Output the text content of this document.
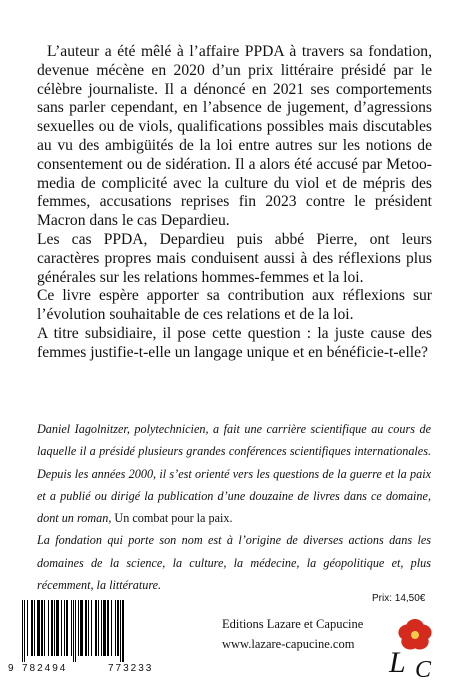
L’auteur a été mêlé à l’affaire PPDA à travers sa fondation, devenue mécène en 2020 d’un prix littéraire présidé par le célèbre journaliste. Il a dénoncé en 2021 ses comportements sans parler cependant, en l’absence de jugement, d’agressions sexuelles ou de viols, qualifications possibles mais discutables au vu des ambigüités de la loi entre autres sur les notions de consentement ou de sidération. Il a alors été accusé par Metoo-media de complicité avec la culture du viol et de mépris des femmes, accusations reprises fin 2023 contre le président Macron dans le cas Depardieu.

Les cas PPDA, Depardieu puis abbé Pierre, ont leurs caractères propres mais conduisent aussi à des réflexions plus générales sur les relations hommes-femmes et la loi.

Ce livre espère apporter sa contribution aux réflexions sur l’évolution souhaitable de ces relations et de la loi.

A titre subsidiaire, il pose cette question : la juste cause des femmes justifie-t-elle un langage unique et en bénéficie-t-elle?

Daniel Iagolnitzer, polytechnicien, a fait une carrière scientifique au cours de laquelle il a présidé plusieurs grandes conférences scientifiques internationales. Depuis les années 2000, il s’est orienté vers les questions de la guerre et la paix et a publié ou dirigé la publication d’une douzaine de livres dans ce domaine, dont un roman, Un combat pour la paix.

La fondation qui porte son nom est à l’origine de diverses actions dans les domaines de la science, la culture, la médecine, la géopolitique et, plus récemment, la littérature.

Prix: 14,50€
9 782494	773233
Editions Lazare et Capucine
www.lazare-capucine.com
L C
